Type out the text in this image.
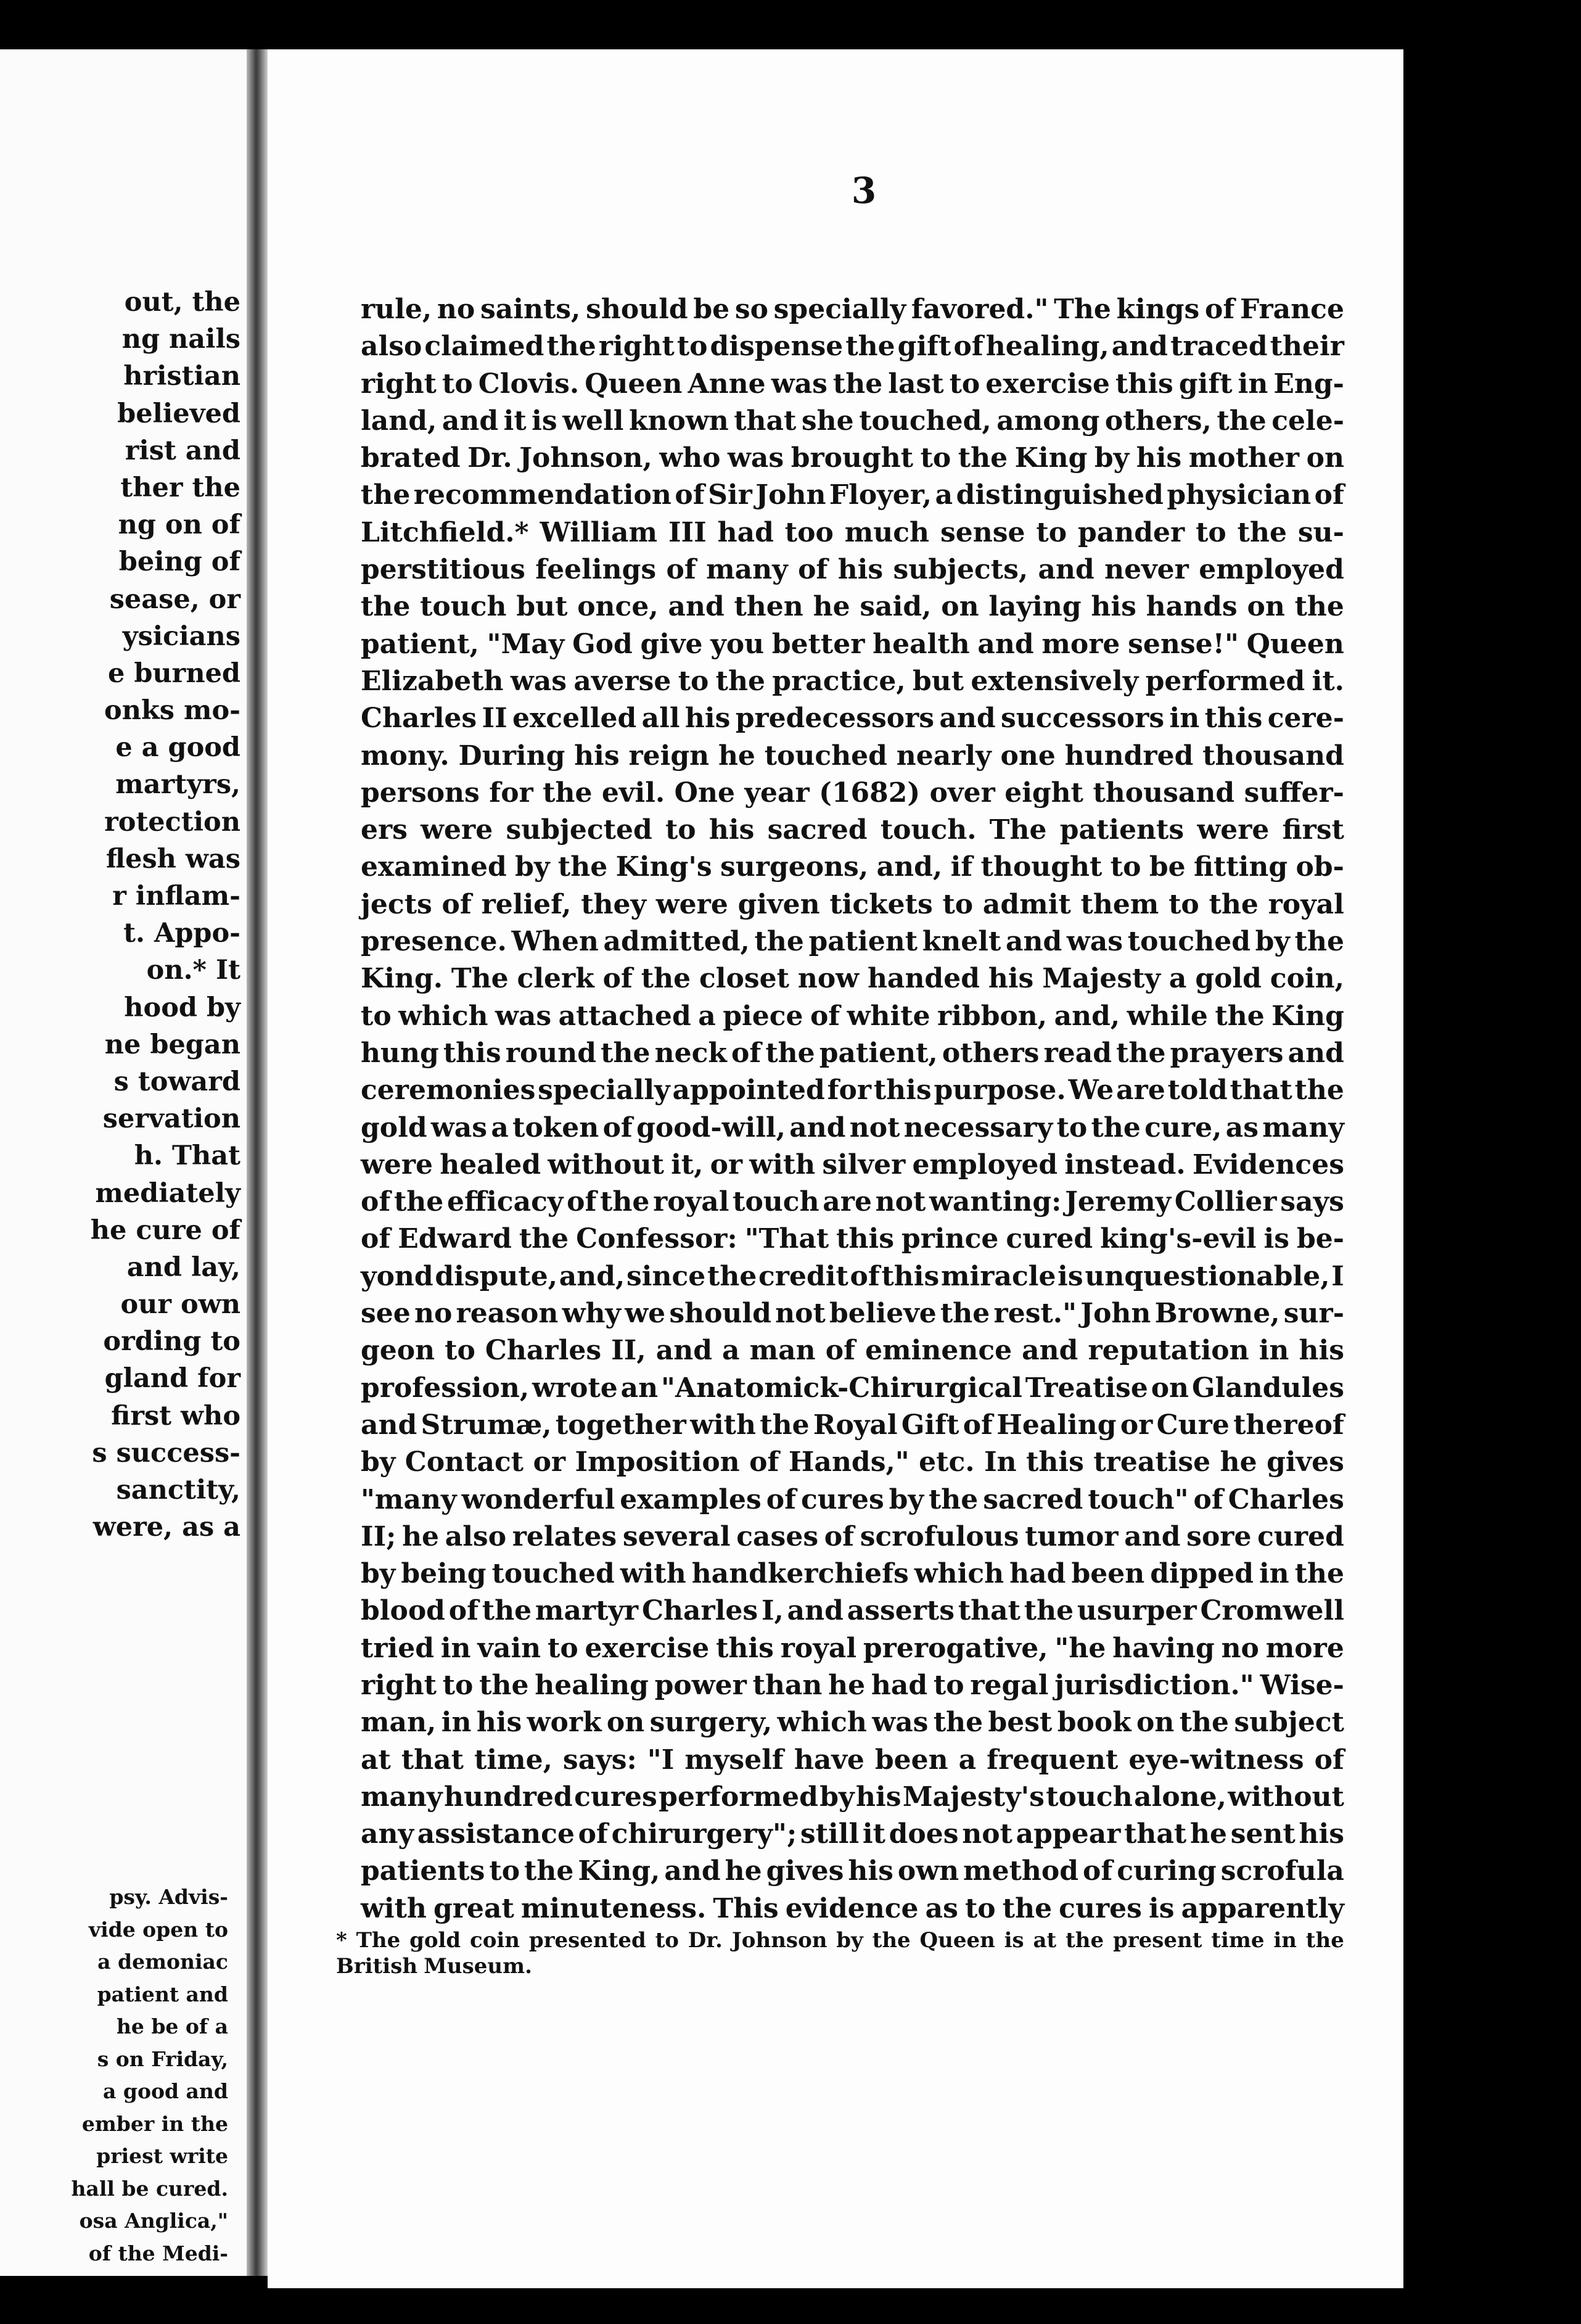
out, the
ng nails
hristian
believed
rist and
ther the
ng on of
being of
sease, or
ysicians
e burned
onks mo-
e a good
martyrs,
rotection
flesh was
r inflam-
t. Appo-
on.* It
hood by
ne began
s toward
servation
h. That
mediately
he cure of
and lay,
our own
ording to
gland for
first who
s success-
sanctity,
were, as a
psy. Advis-
vide open to
a demoniac
patient and
he be of a
s on Friday,
a good and
ember in the
priest write
hall be cured.
osa Anglica,"
of the Medi-
3
rule, no saints, should be so specially favored." The kings of France
also claimed the right to dispense the gift of healing, and traced their
right to Clovis. Queen Anne was the last to exercise this gift in Eng-
land, and it is well known that she touched, among others, the cele-
brated Dr. Johnson, who was brought to the King by his mother on
the recommendation of Sir John Floyer, a distinguished physician of
Litchfield.* William III had too much sense to pander to the su-
perstitious feelings of many of his subjects, and never employed
the touch but once, and then he said, on laying his hands on the
patient, "May God give you better health and more sense!" Queen
Elizabeth was averse to the practice, but extensively performed it.
Charles II excelled all his predecessors and successors in this cere-
mony. During his reign he touched nearly one hundred thousand
persons for the evil. One year (1682) over eight thousand suffer-
ers were subjected to his sacred touch. The patients were first
examined by the King's surgeons, and, if thought to be fitting ob-
jects of relief, they were given tickets to admit them to the royal
presence. When admitted, the patient knelt and was touched by the
King. The clerk of the closet now handed his Majesty a gold coin,
to which was attached a piece of white ribbon, and, while the King
hung this round the neck of the patient, others read the prayers and
ceremonies specially appointed for this purpose. We are told that the
gold was a token of good-will, and not necessary to the cure, as many
were healed without it, or with silver employed instead. Evidences
of the efficacy of the royal touch are not wanting: Jeremy Collier says
of Edward the Confessor: "That this prince cured king's-evil is be-
yond dispute, and, since the credit of this miracle is unquestionable, I
see no reason why we should not believe the rest." John Browne, sur-
geon to Charles II, and a man of eminence and reputation in his
profession, wrote an "Anatomick-Chirurgical Treatise on Glandules
and Strumæ, together with the Royal Gift of Healing or Cure thereof
by Contact or Imposition of Hands," etc. In this treatise he gives
"many wonderful examples of cures by the sacred touch" of Charles
II; he also relates several cases of scrofulous tumor and sore cured
by being touched with handkerchiefs which had been dipped in the
blood of the martyr Charles I, and asserts that the usurper Cromwell
tried in vain to exercise this royal prerogative, "he having no more
right to the healing power than he had to regal jurisdiction." Wise-
man, in his work on surgery, which was the best book on the subject
at that time, says: "I myself have been a frequent eye-witness of
many hundred cures performed by his Majesty's touch alone, without
any assistance of chirurgery"; still it does not appear that he sent his
patients to the King, and he gives his own method of curing scrofula
with great minuteness. This evidence as to the cures is apparently
* The gold coin presented to Dr. Johnson by the Queen is at the present time in the
British Museum.
